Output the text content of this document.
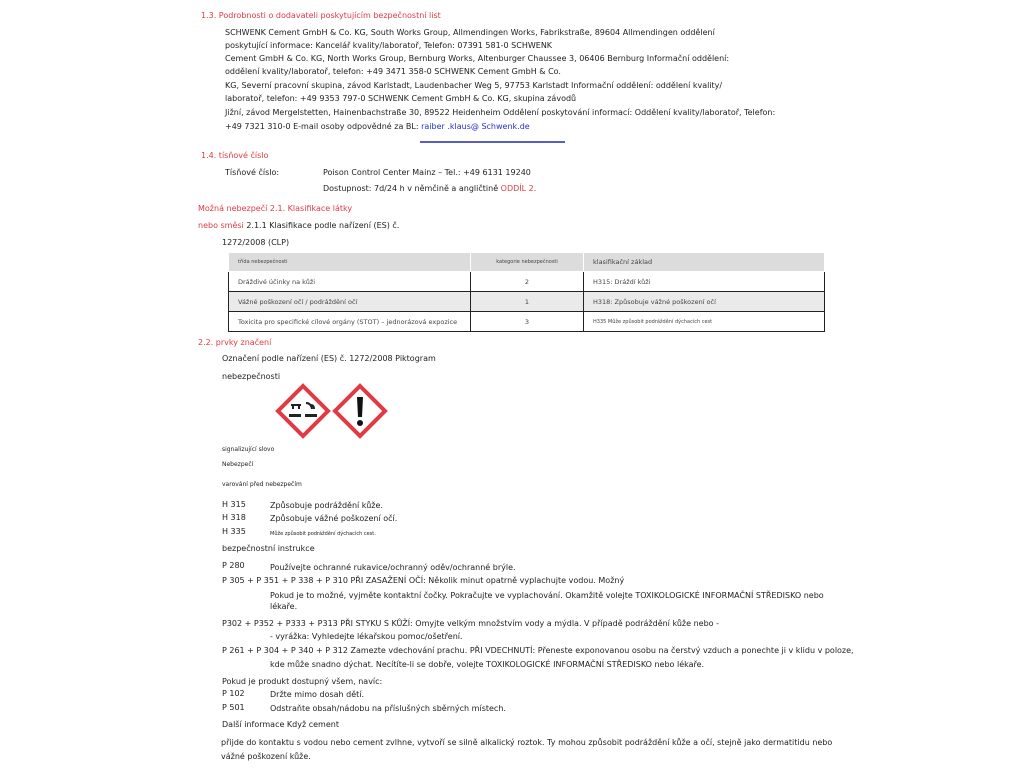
1.3. Podrobnosti o dodavateli poskytujícím bezpečnostní list
SCHWENK Cement GmbH & Co. KG, South Works Group, Allmendingen Works, Fabrikstraße, 89604 Allmendingen oddělení
poskytující informace: Kancelář kvality/laboratoř, Telefon: 07391 581-0 SCHWENK
Cement GmbH & Co. KG, North Works Group, Bernburg Works, Altenburger Chaussee 3, 06406 Bernburg Informační oddělení:
oddělení kvality/laboratoř, telefon: +49 3471 358-0 SCHWENK Cement GmbH & Co.
KG, Severní pracovní skupina, závod Karlstadt, Laudenbacher Weg 5, 97753 Karlstadt Informační oddělení: oddělení kvality/
laboratoř, telefon: +49 9353 797-0 SCHWENK Cement GmbH & Co. KG, skupina závodů
Jižní, závod Mergelstetten, Hainenbachstraße 30, 89522 Heidenheim Oddělení poskytování informací: Oddělení kvality/laboratoř, Telefon:
+49 7321 310-0 E-mail osoby odpovědné za BL: raiber .klaus@ Schwenk.de
1.4. tísňové číslo
Tísňové číslo:	Poison Control Center Mainz – Tel.: +49 6131 19240
Dostupnost: 7d/24 h v němčině a angličtině ODDÍL 2.
Možná nebezpečí 2.1. Klasifikace látky
nebo směsi 2.1.1 Klasifikace podle nařízení (ES) č.
1272/2008 (CLP)
třída nebezpečnosti	kategorie nebezpečnosti	klasifikační základ
Dráždivé účinky na kůži	2	H315: Dráždí kůži
Vážné poškození očí / podráždění očí	1	H318: Způsobuje vážné poškození očí
Toxicita pro specifické cílové orgány (STOT) – jednorázová expozice	3	H335 Může způsobit podráždění dýchacích cest
2.2. prvky značení
Označení podle nařízení (ES) č. 1272/2008 Piktogram
nebezpečnosti
signalizující slovo
Nebezpečí
varování před nebezpečím
H 315	Způsobuje podráždění kůže.
H 318	Způsobuje vážné poškození očí.
H 335	Může způsobit podráždění dýchacích cest.
bezpečnostní instrukce
P 280	Používejte ochranné rukavice/ochranný oděv/ochranné brýle.
P 305 + P 351 + P 338 + P 310 PŘI ZASAŽENÍ OČÍ: Několik minut opatrně vyplachujte vodou. Možný
Pokud je to možné, vyjměte kontaktní čočky. Pokračujte ve vyplachování. Okamžitě volejte TOXIKOLOGICKÉ INFORMAČNÍ STŘEDISKO nebo
lékaře.
P302 + P352 + P333 + P313 PŘI STYKU S KŮŽÍ: Omyjte velkým množstvím vody a mýdla. V případě podráždění kůže nebo -
- vyrážka: Vyhledejte lékařskou pomoc/ošetření.
P 261 + P 304 + P 340 + P 312 Zamezte vdechování prachu. PŘI VDECHNUTÍ: Přeneste exponovanou osobu na čerstvý vzduch a ponechte ji v klidu v poloze,
kde může snadno dýchat. Necítíte-li se dobře, volejte TOXIKOLOGICKÉ INFORMAČNÍ STŘEDISKO nebo lékaře.
Pokud je produkt dostupný všem, navíc:
P 102	Držte mimo dosah dětí.
P 501	Odstraňte obsah/nádobu na příslušných sběrných místech.
Další informace Když cement
přijde do kontaktu s vodou nebo cement zvlhne, vytvoří se silně alkalický roztok. Ty mohou způsobit podráždění kůže a očí, stejně jako dermatitidu nebo
vážné poškození kůže.
